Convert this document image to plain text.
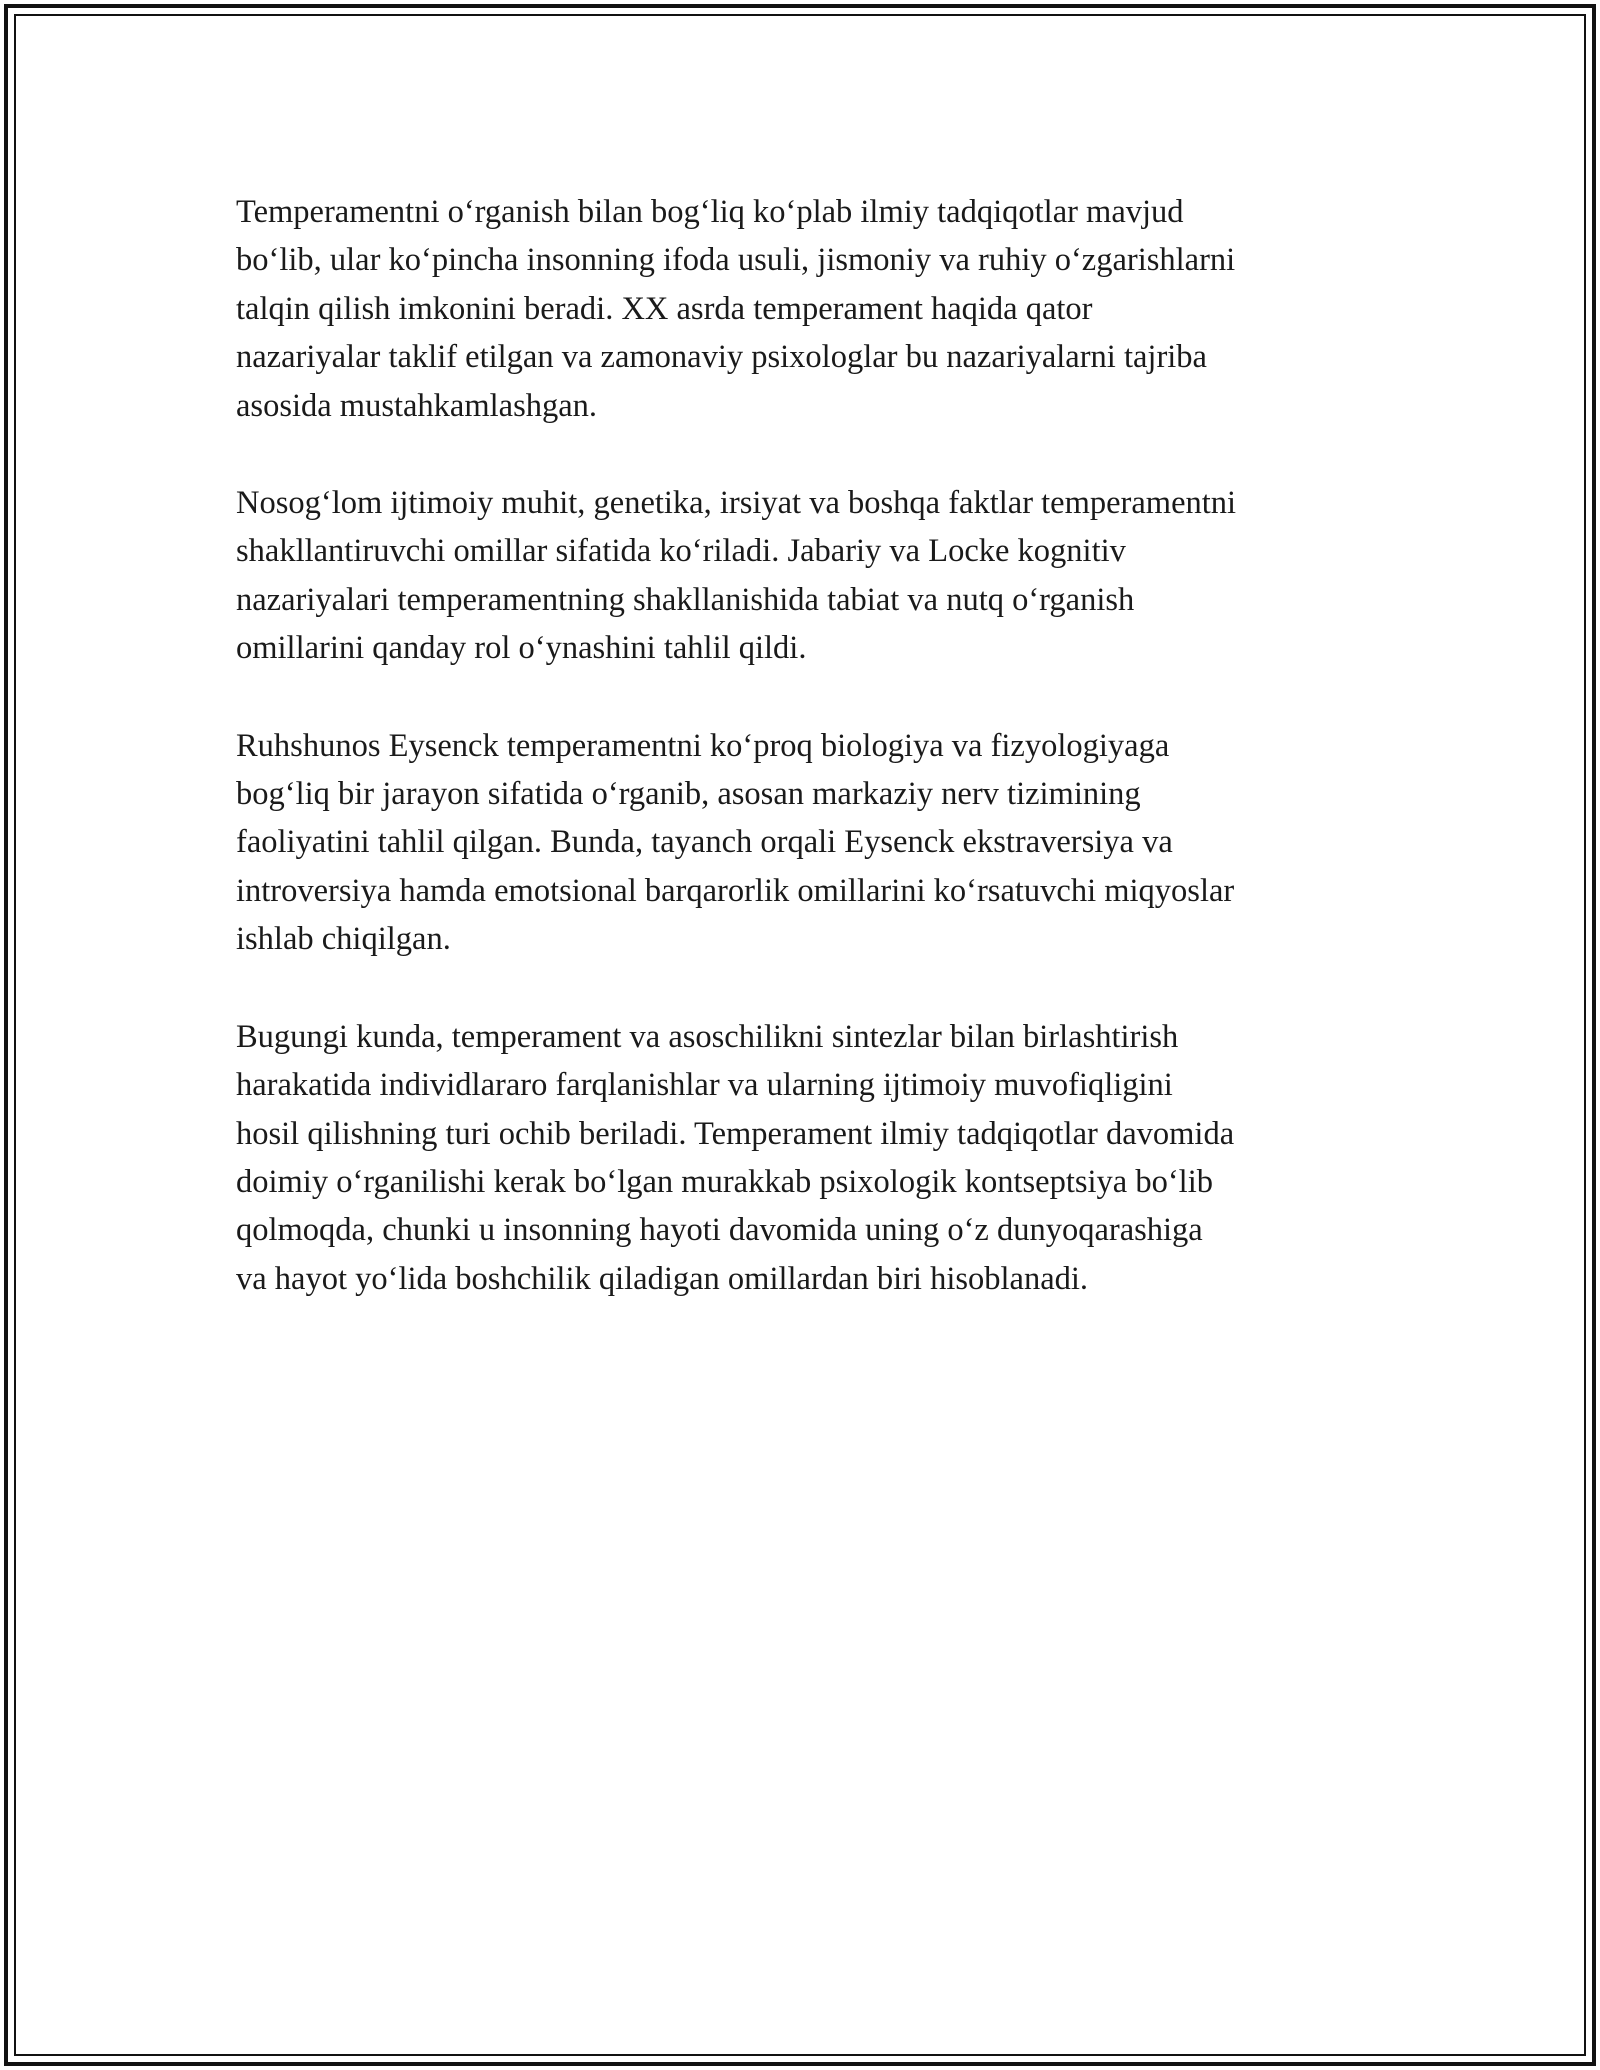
Temperamentni o‘rganish bilan bog‘liq ko‘plab ilmiy tadqiqotlar mavjud
bo‘lib, ular ko‘pincha insonning ifoda usuli, jismoniy va ruhiy o‘zgarishlarni
talqin qilish imkonini beradi. XX asrda temperament haqida qator
nazariyalar taklif etilgan va zamonaviy psixologlar bu nazariyalarni tajriba
asosida mustahkamlashgan.

Nosog‘lom ijtimoiy muhit, genetika, irsiyat va boshqa faktlar temperamentni
shakllantiruvchi omillar sifatida ko‘riladi. Jabariy va Locke kognitiv
nazariyalari temperamentning shakllanishida tabiat va nutq o‘rganish
omillarini qanday rol o‘ynashini tahlil qildi.

Ruhshunos Eysenck temperamentni ko‘proq biologiya va fizyologiyaga
bog‘liq bir jarayon sifatida o‘rganib, asosan markaziy nerv tizimining
faoliyatini tahlil qilgan. Bunda, tayanch orqali Eysenck ekstraversiya va
introversiya hamda emotsional barqarorlik omillarini ko‘rsatuvchi miqyoslar
ishlab chiqilgan.

Bugungi kunda, temperament va asoschilikni sintezlar bilan birlashtirish
harakatida individlararo farqlanishlar va ularning ijtimoiy muvofiqligini
hosil qilishning turi ochib beriladi. Temperament ilmiy tadqiqotlar davomida
doimiy o‘rganilishi kerak bo‘lgan murakkab psixologik kontseptsiya bo‘lib
qolmoqda, chunki u insonning hayoti davomida uning o‘z dunyoqarashiga
va hayot yo‘lida boshchilik qiladigan omillardan biri hisoblanadi.
